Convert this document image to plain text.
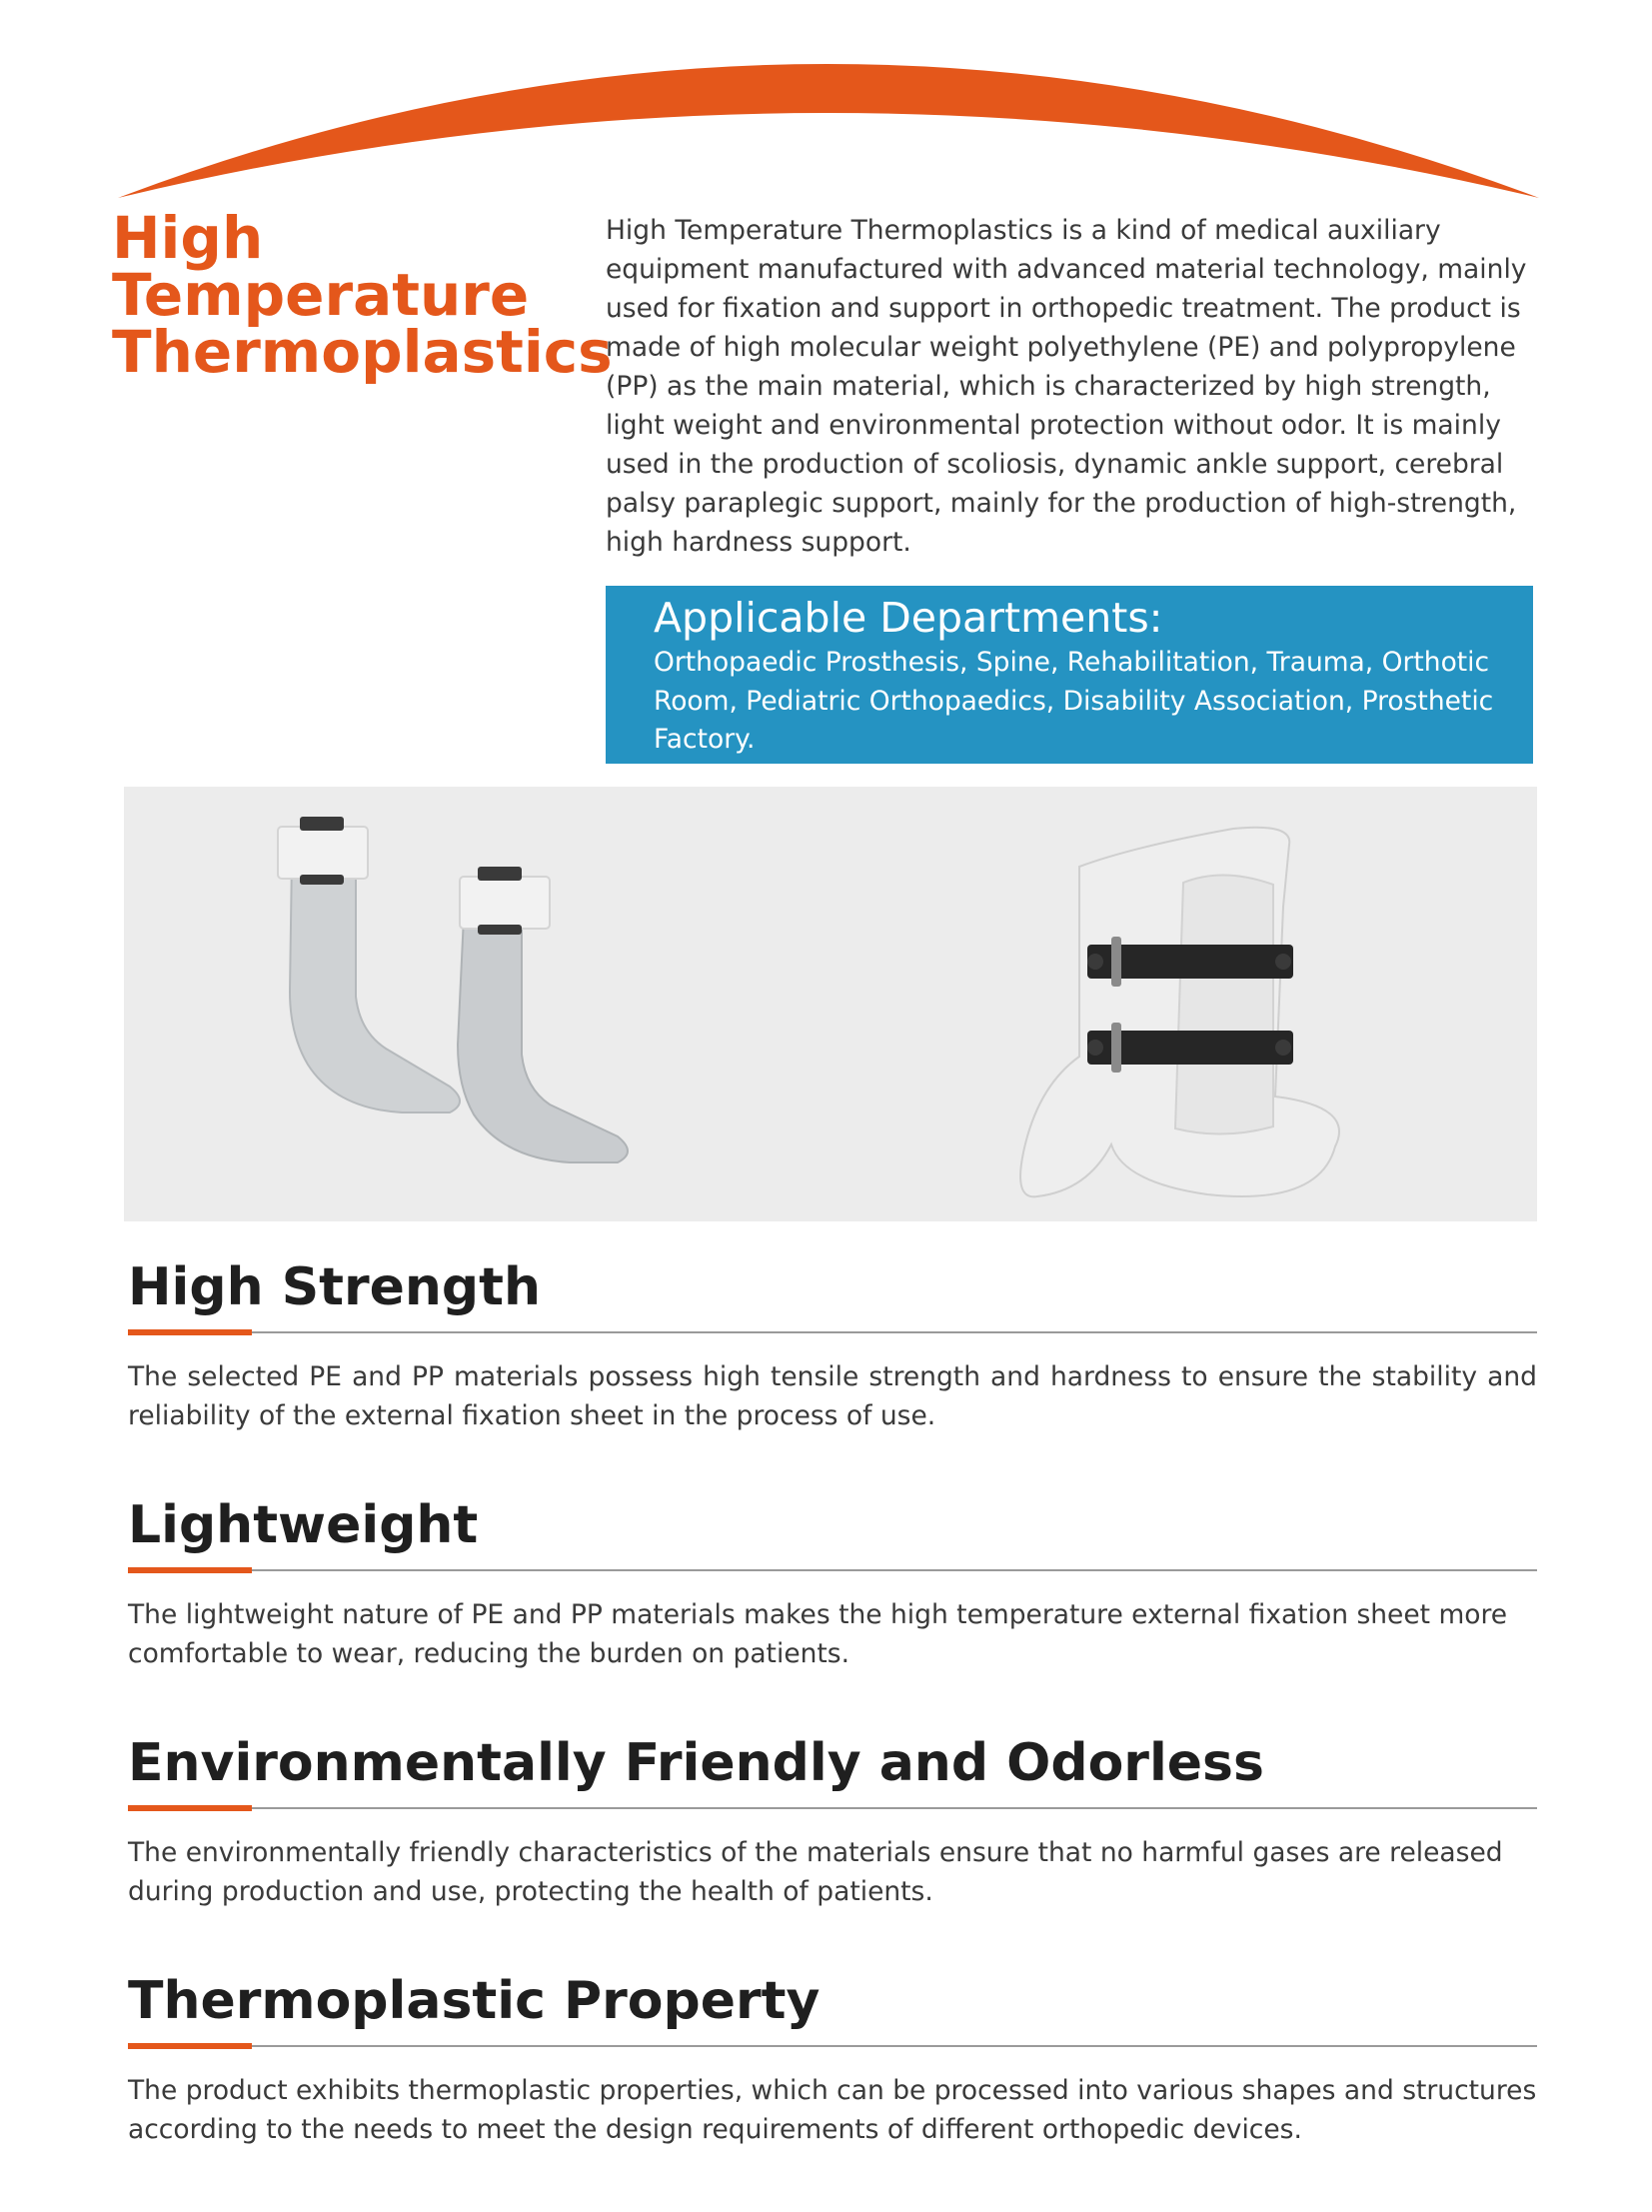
High
Temperature
Thermoplastics

High Temperature Thermoplastics is a kind of medical auxiliary equipment manufactured with advanced material technology, mainly used for fixation and support in orthopedic treatment. The product is made of high molecular weight polyethylene (PE) and polypropylene (PP) as the main material, which is characterized by high strength, light weight and environmental protection without odor. It is mainly used in the production of scoliosis, dynamic ankle support, cerebral palsy paraplegic support, mainly for the production of high-strength, high hardness support.

Applicable Departments:
Orthopaedic Prosthesis, Spine, Rehabilitation, Trauma, Orthotic Room, Pediatric Orthopaedics, Disability Association, Prosthetic Factory.
High Strength

The selected PE and PP materials possess high tensile strength and hardness to ensure the stability and reliability of the external fixation sheet in the process of use.

Lightweight

The lightweight nature of PE and PP materials makes the high temperature external fixation sheet more comfortable to wear, reducing the burden on patients.

Environmentally Friendly and Odorless

The environmentally friendly characteristics of the materials ensure that no harmful gases are released during production and use, protecting the health of patients.

Thermoplastic Property

The product exhibits thermoplastic properties, which can be processed into various shapes and structures according to the needs to meet the design requirements of different orthopedic devices.
